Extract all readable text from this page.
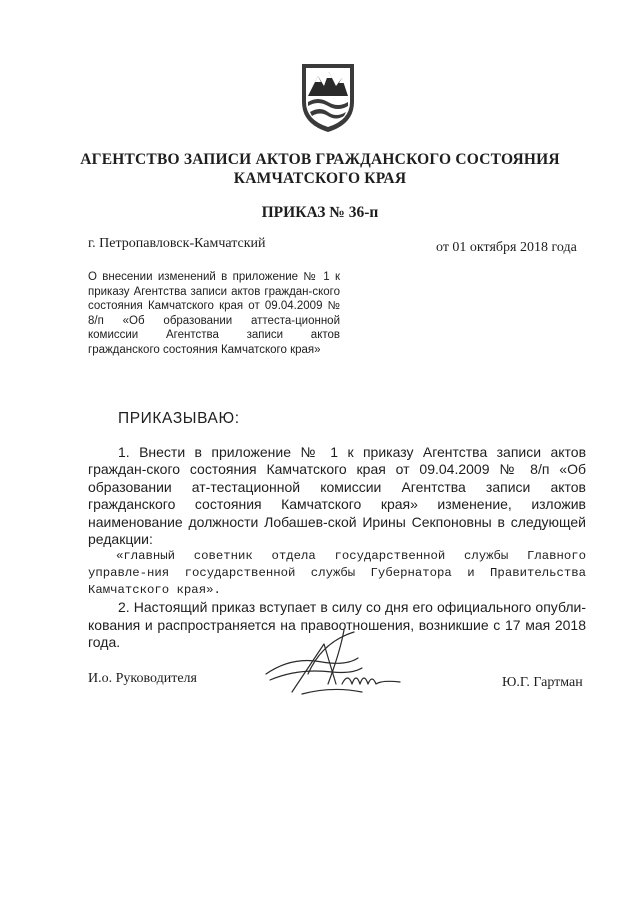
АГЕНТСТВО ЗАПИСИ АКТОВ ГРАЖДАНСКОГО СОСТОЯНИЯ
КАМЧАТСКОГО КРАЯ
ПРИКАЗ № 36-п
г. Петропавловск-Камчатский	от 01 октября 2018 года
О внесении изменений в приложение № 1 к приказу Агентства записи актов граждан-ского состояния Камчатского края от 09.04.2009 № 8/п «Об образовании аттеста-ционной комиссии Агентства записи актов гражданского состояния Камчатского края»
ПРИКАЗЫВАЮ:

1. Внести в приложение № 1 к приказу Агентства записи актов граждан-ского состояния Камчатского края от 09.04.2009 № 8/п «Об образовании ат-тестационной комиссии Агентства записи актов гражданского состояния Камчатского края» изменение, изложив наименование должности Лобашев-ской Ирины Секпоновны в следующей редакции:

«главный советник отдела государственной службы Главного управле-ния государственной службы Губернатора и Правительства Камчатского края».

2. Настоящий приказ вступает в силу со дня его официального опубли-кования и распространяется на правоотношения, возникшие с 17 мая 2018 года.

И.о. Руководителя	Ю.Г. Гартман
